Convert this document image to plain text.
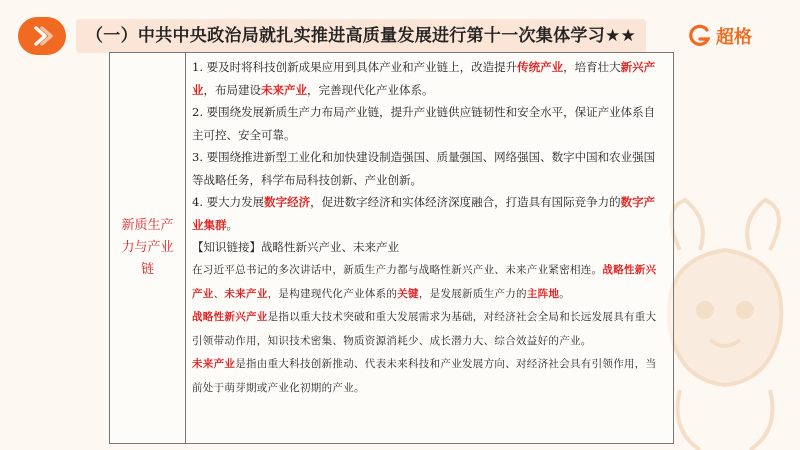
（一）中共中央政治局就扎实推进高质量发展进行第十一次集体学习★★	超格
新质生产力与产业链

1. 要及时将科技创新成果应用到具体产业和产业链上，改造提升传统产业，培育壮大新兴产业，布局建设未来产业，完善现代化产业体系。

2. 要围绕发展新质生产力布局产业链，提升产业链供应链韧性和安全水平，保证产业体系自主可控、安全可靠。

3. 要围绕推进新型工业化和加快建设制造强国、质量强国、网络强国、数字中国和农业强国等战略任务，科学布局科技创新、产业创新。

4. 要大力发展数字经济，促进数字经济和实体经济深度融合，打造具有国际竞争力的数字产业集群。

【知识链接】战略性新兴产业、未来产业

在习近平总书记的多次讲话中，新质生产力都与战略性新兴产业、未来产业紧密相连。战略性新兴产业、未来产业，是构建现代化产业体系的关键，是发展新质生产力的主阵地。

战略性新兴产业是指以重大技术突破和重大发展需求为基础，对经济社会全局和长远发展具有重大引领带动作用，知识技术密集、物质资源消耗少、成长潜力大、综合效益好的产业。

未来产业是指由重大科技创新推动、代表未来科技和产业发展方向、对经济社会具有引领作用，当前处于萌芽期或产业化初期的产业。
